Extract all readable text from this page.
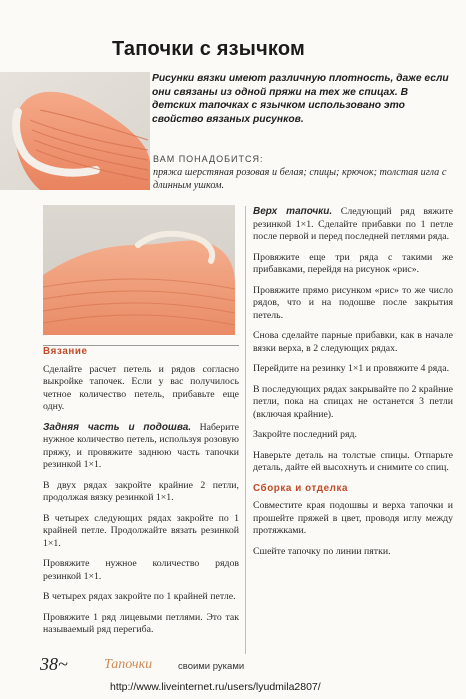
Тапочки с язычком
Рисунки вязки имеют различную плотность, даже если они связаны из одной пряжи на тех же спицах. В детских тапочках с язычком использовано это свойство вязаных рисунков.
ВАМ ПОНАДОБИТСЯ:
пряжа шерстяная розовая и белая; спицы; крючок; толстая игла с длинным ушком.
Вязание
Сделайте расчет петель и рядов согласно выкройке тапочек. Если у вас получилось четное количество петель, прибавьте еще одну.
Задняя часть и подошва. Наберите нужное количество петель, используя розовую пряжу, и провяжите заднюю часть тапочки резинкой 1×1.
В двух рядах закройте крайние 2 петли, продолжая вязку резинкой 1×1.
В четырех следующих рядах закройте по 1 крайней петле. Продолжайте вязать резинкой 1×1.
Провяжите нужное количество рядов резинкой 1×1.
В четырех рядах закройте по 1 крайней петле.
Провяжите 1 ряд лицевыми петлями. Это так называемый ряд перегиба.
Верх тапочки. Следующий ряд вяжите резинкой 1×1. Сделайте прибавки по 1 петле после первой и перед последней петлями ряда.
Провяжите еще три ряда с такими же прибавками, перейдя на рисунок «рис».
Провяжите прямо рисунком «рис» то же число рядов, что и на подошве после закрытия петель.
Снова сделайте парные прибавки, как в начале вязки верха, в 2 следующих рядах.
Перейдите на резинку 1×1 и провяжите 4 ряда.
В последующих рядах закрывайте по 2 крайние петли, пока на спицах не останется 3 петли (включая крайние).
Закройте последний ряд.
Наверьте деталь на толстые спицы. Отпарьте деталь, дайте ей высохнуть и снимите со спиц.
Сборка и отделка
Совместите края подошвы и верха тапочки и прошейте пряжей в цвет, проводя иглу между протяжками.
Сшейте тапочку по линии пятки.
38~	Тапочки	своими руками
http://www.liveinternet.ru/users/lyudmila2807/
